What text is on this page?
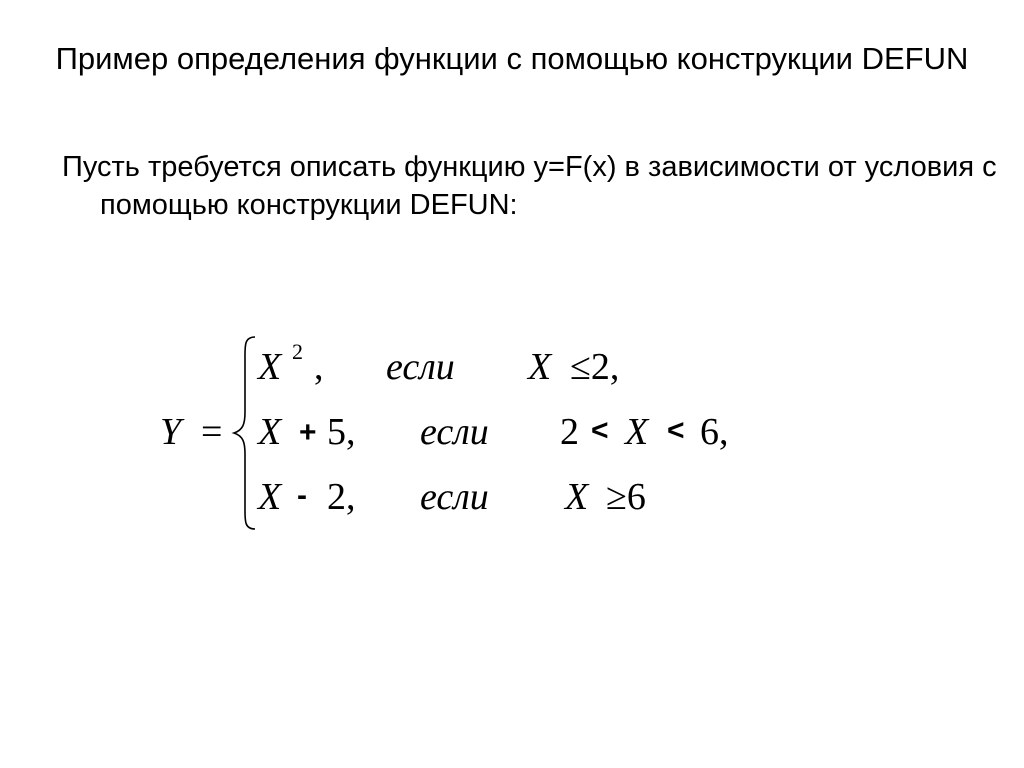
Пример определения функции с помощью конструкции DEFUN
Пусть требуется описать функцию y=F(x) в зависимости от условия с помощью конструкции DEFUN:
Y =
X 2 , если X ≤2,
X + 5, если 2 < X < 6,
X - 2, если X ≥6
